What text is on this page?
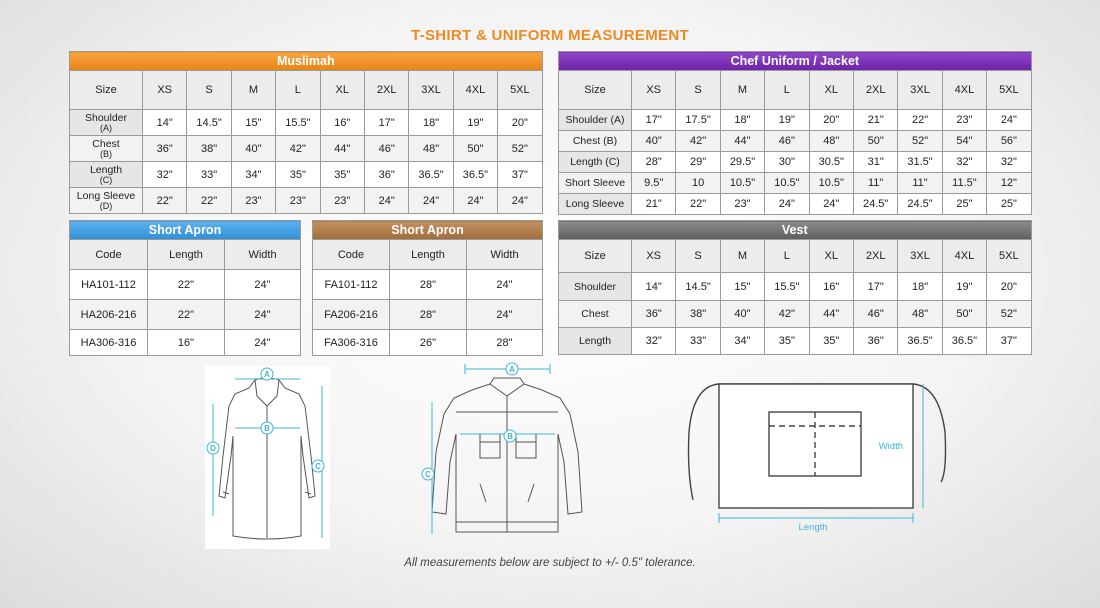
T-SHIRT & UNIFORM MEASUREMENT
Muslimah									
Size	XS	S	M	L	XL	2XL	3XL	4XL	5XL
Shoulder
(A)	14"	14.5"	15"	15.5"	16"	17"	18"	19"	20"
Chest
(B)	36"	38"	40"	42"	44"	46"	48"	50"	52"
Length
(C)	32"	33"	34"	35"	35"	36"	36.5"	36.5"	37"
Long Sleeve
(D)	22"	22"	23"	23"	23"	24"	24"	24"	24"
Chef Uniform / Jacket									
Size	XS	S	M	L	XL	2XL	3XL	4XL	5XL
Shoulder (A)	17"	17.5"	18"	19"	20"	21"	22"	23"	24"
Chest (B)	40"	42"	44"	46"	48"	50"	52"	54"	56"
Length (C)	28"	29"	29.5"	30"	30.5"	31"	31.5"	32"	32"
Short Sleeve	9.5"	10	10.5"	10.5"	10.5"	11"	11"	11.5"	12"
Long Sleeve	21"	22"	23"	24"	24"	24.5"	24.5"	25"	25"
Short Apron		
Code	Length	Width
HA101-112	22"	24"
HA206-216	22"	24"
HA306-316	16"	24"
Short Apron		
Code	Length	Width
FA101-112	28"	24"
FA206-216	28"	24"
FA306-316	26"	28"
Vest									
Size	XS	S	M	L	XL	2XL	3XL	4XL	5XL
Shoulder	14"	14.5"	15"	15.5"	16"	17"	18"	19"	20"
Chest	36"	38"	40"	42"	44"	46"	48"	50"	52"
Length	32"	33"	34"	35"	35"	36"	36.5"	36.5"	37"
A
B
C
D
A
B
C
Width
Length
All measurements below are subject to +/- 0.5" tolerance.
